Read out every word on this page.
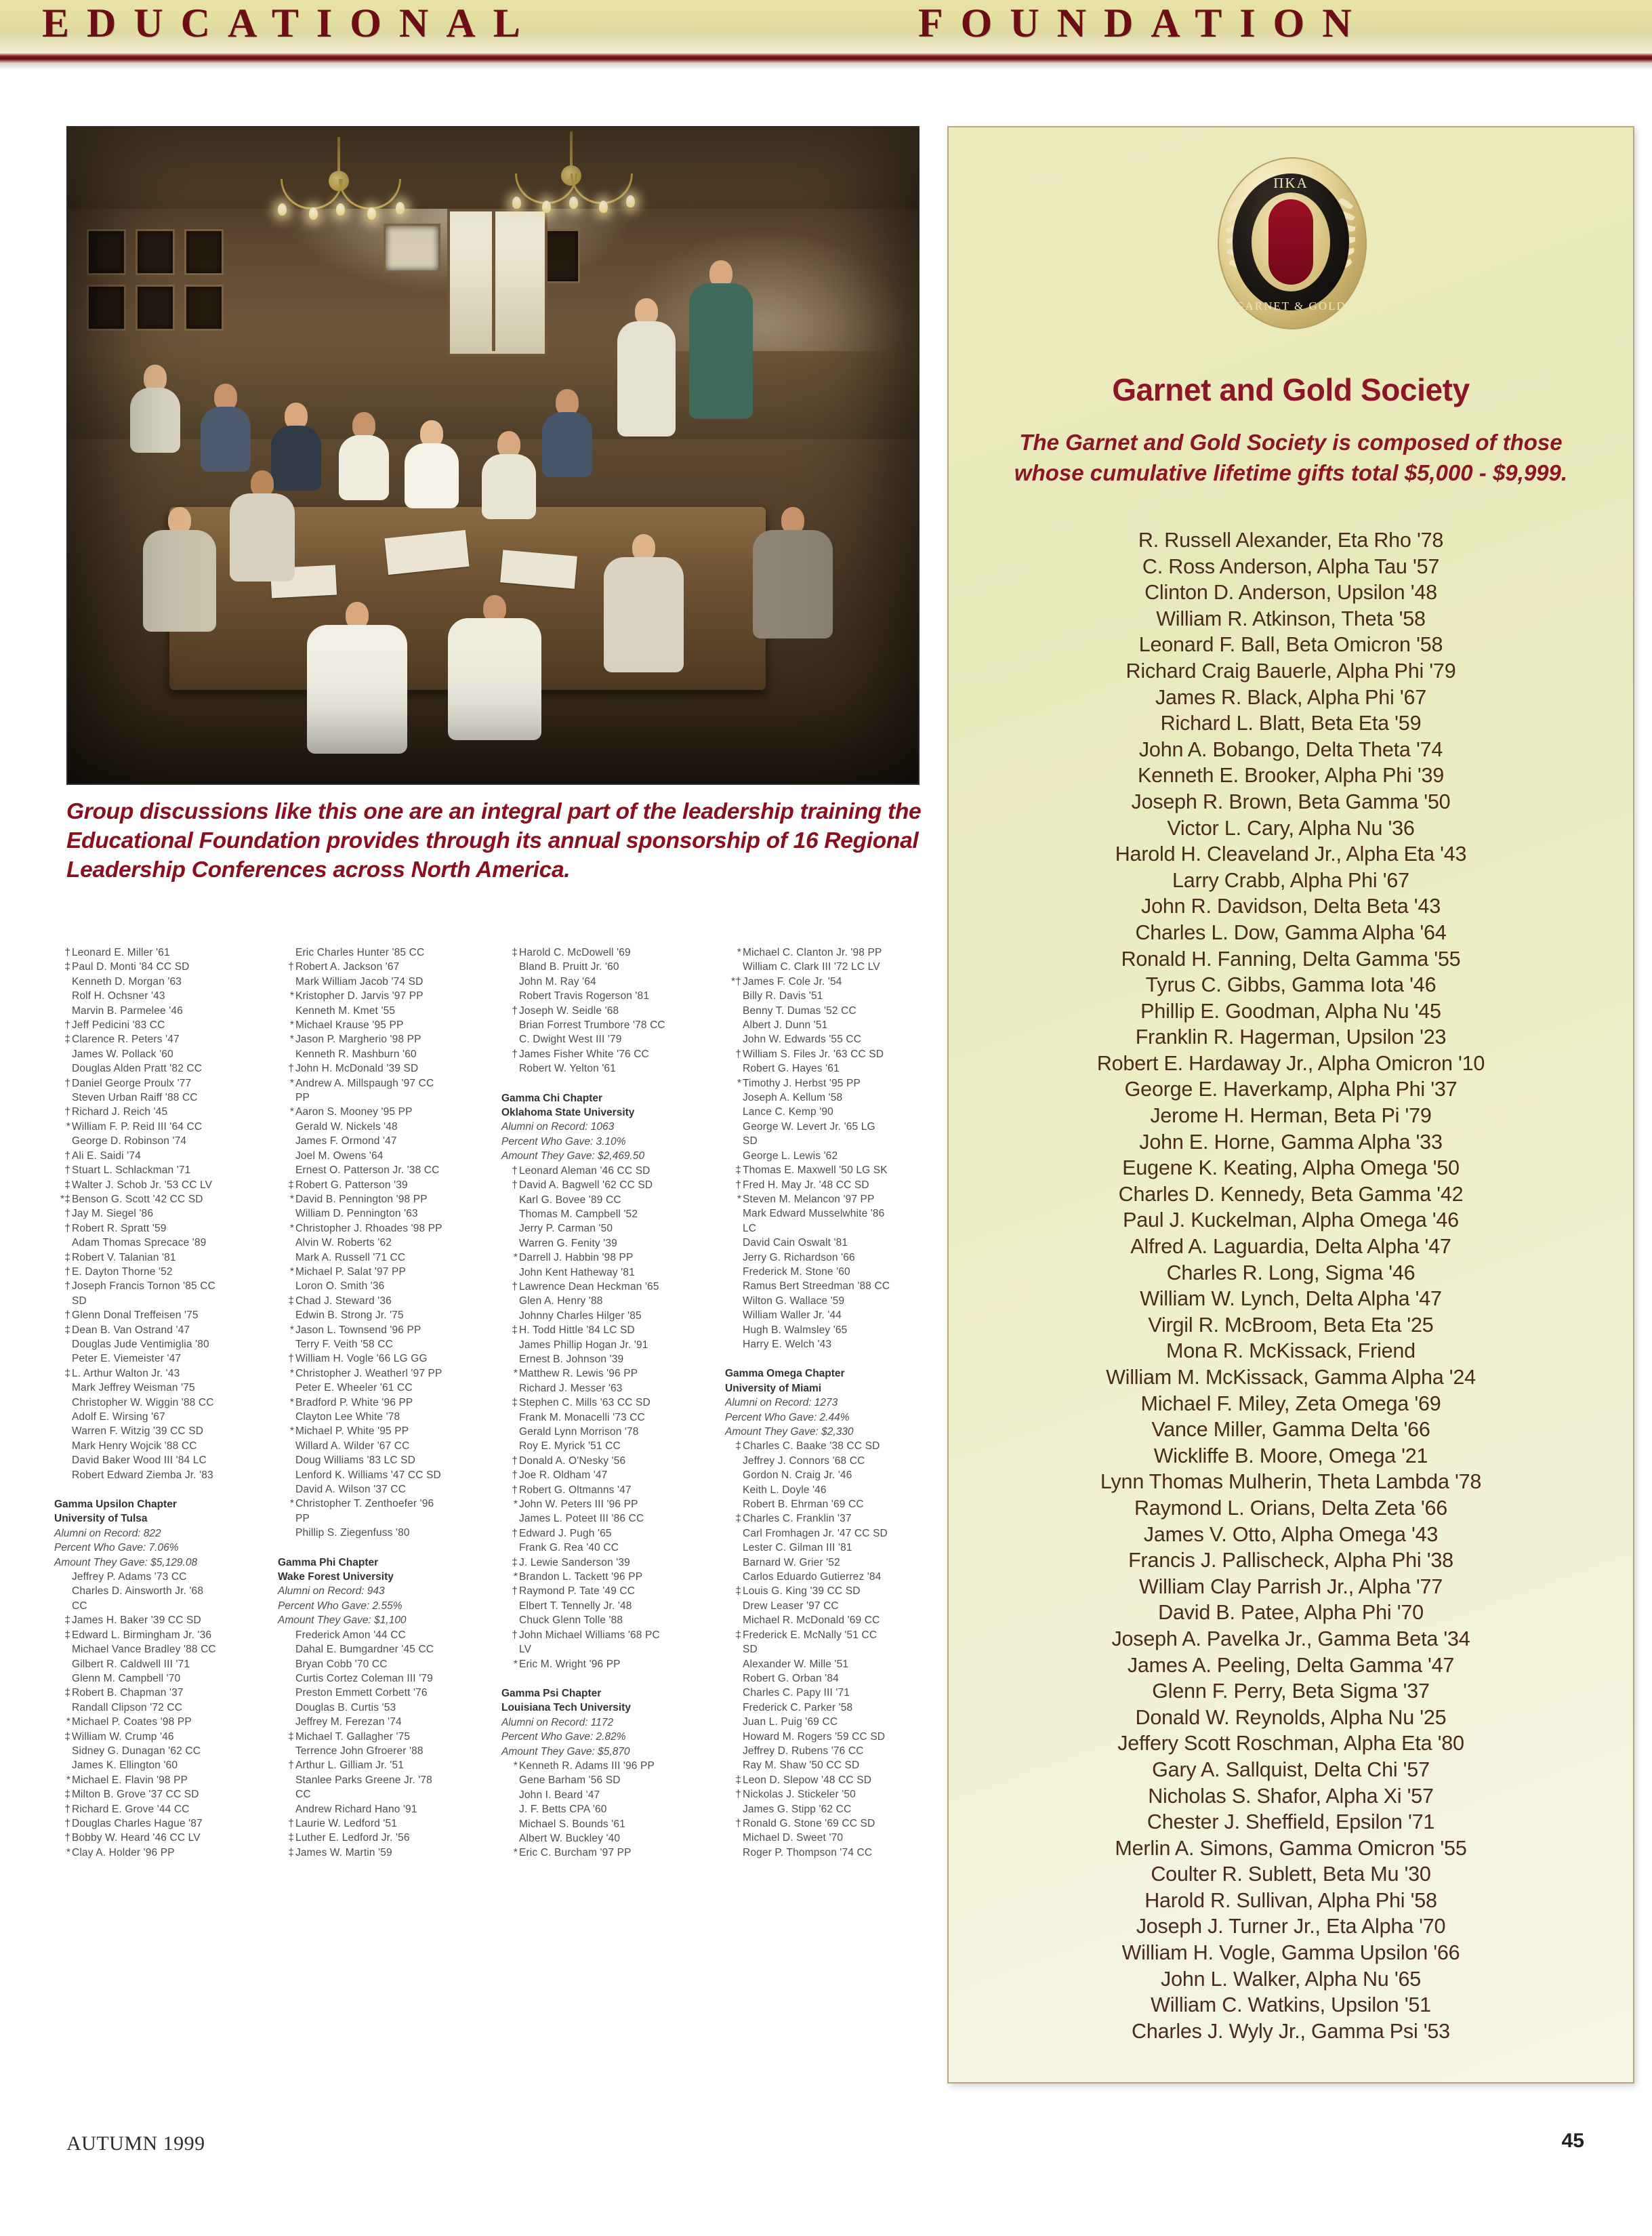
EDUCATIONAL	FOUNDATION
Group discussions like this one are an integral part of the leadership training the Educational Foundation provides through its annual sponsorship of 16 Regional Leadership Conferences across North America.
† Leonard E. Miller '61
‡ Paul D. Monti '84 CC SD
Kenneth D. Morgan '63
Rolf H. Ochsner '43
Marvin B. Parmelee '46
† Jeff Pedicini '83 CC
‡ Clarence R. Peters '47
James W. Pollack '60
Douglas Alden Pratt '82 CC
† Daniel George Proulx '77
Steven Urban Raiff '88 CC
† Richard J. Reich '45
* William F. P. Reid III '64 CC
George D. Robinson '74
† Ali E. Saidi '74
† Stuart L. Schlackman '71
‡ Walter J. Schob Jr. '53 CC LV
*‡ Benson G. Scott '42 CC SD
† Jay M. Siegel '86
† Robert R. Spratt '59
Adam Thomas Sprecace '89
‡ Robert V. Talanian '81
† E. Dayton Thorne '52
† Joseph Francis Tornon '85 CC
SD
† Glenn Donal Treffeisen '75
‡ Dean B. Van Ostrand '47
Douglas Jude Ventimiglia '80
Peter E. Viemeister '47
‡ L. Arthur Walton Jr. '43
Mark Jeffrey Weisman '75
Christopher W. Wiggin '88 CC
Adolf E. Wirsing '67
Warren F. Witzig '39 CC SD
Mark Henry Wojcik '88 CC
David Baker Wood III '84 LC
Robert Edward Ziemba Jr. '83
Gamma Upsilon Chapter
University of Tulsa
Alumni on Record: 822
Percent Who Gave: 7.06%
Amount They Gave: $5,129.08
Jeffrey P. Adams '73 CC
Charles D. Ainsworth Jr. '68
CC
‡ James H. Baker '39 CC SD
‡ Edward L. Birmingham Jr. '36
Michael Vance Bradley '88 CC
Gilbert R. Caldwell III '71
Glenn M. Campbell '70
‡ Robert B. Chapman '37
Randall Clipson '72 CC
* Michael P. Coates '98 PP
‡ William W. Crump '46
Sidney G. Dunagan '62 CC
James K. Ellington '60
* Michael E. Flavin '98 PP
‡ Milton B. Grove '37 CC SD
† Richard E. Grove '44 CC
† Douglas Charles Hague '87
† Bobby W. Heard '46 CC LV
* Clay A. Holder '96 PP
Eric Charles Hunter '85 CC
† Robert A. Jackson '67
Mark William Jacob '74 SD
* Kristopher D. Jarvis '97 PP
Kenneth M. Kmet '55
* Michael Krause '95 PP
* Jason P. Margherio '98 PP
Kenneth R. Mashburn '60
† John H. McDonald '39 SD
* Andrew A. Millspaugh '97 CC
PP
* Aaron S. Mooney '95 PP
Gerald W. Nickels '48
James F. Ormond '47
Joel M. Owens '64
Ernest O. Patterson Jr. '38 CC
‡ Robert G. Patterson '39
* David B. Pennington '98 PP
William D. Pennington '63
* Christopher J. Rhoades '98 PP
Alvin W. Roberts '62
Mark A. Russell '71 CC
* Michael P. Salat '97 PP
Loron O. Smith '36
‡ Chad J. Steward '36
Edwin B. Strong Jr. '75
* Jason L. Townsend '96 PP
Terry F. Veith '58 CC
† William H. Vogle '66 LG GG
* Christopher J. Weatherl '97 PP
Peter E. Wheeler '61 CC
* Bradford P. White '96 PP
Clayton Lee White '78
* Michael P. White '95 PP
Willard A. Wilder '67 CC
Doug Williams '83 LC SD
Lenford K. Williams '47 CC SD
David A. Wilson '37 CC
* Christopher T. Zenthoefer '96
PP
Phillip S. Ziegenfuss '80
Gamma Phi Chapter
Wake Forest University
Alumni on Record: 943
Percent Who Gave: 2.55%
Amount They Gave: $1,100
Frederick Amon '44 CC
Dahal E. Bumgardner '45 CC
Bryan Cobb '70 CC
Curtis Cortez Coleman III '79
Preston Emmett Corbett '76
Douglas B. Curtis '53
Jeffrey M. Ferezan '74
‡ Michael T. Gallagher '75
Terrence John Gfroerer '88
† Arthur L. Gilliam Jr. '51
Stanlee Parks Greene Jr. '78
CC
Andrew Richard Hano '91
† Laurie W. Ledford '51
‡ Luther E. Ledford Jr. '56
‡ James W. Martin '59
‡ Harold C. McDowell '69
Bland B. Pruitt Jr. '60
John M. Ray '64
Robert Travis Rogerson '81
† Joseph W. Seidle '68
Brian Forrest Trumbore '78 CC
C. Dwight West III '79
† James Fisher White '76 CC
Robert W. Yelton '61
Gamma Chi Chapter
Oklahoma State University
Alumni on Record: 1063
Percent Who Gave: 3.10%
Amount They Gave: $2,469.50
† Leonard Aleman '46 CC SD
† David A. Bagwell '62 CC SD
Karl G. Bovee '89 CC
Thomas M. Campbell '52
Jerry P. Carman '50
Warren G. Fenity '39
* Darrell J. Habbin '98 PP
John Kent Hatheway '81
† Lawrence Dean Heckman '65
Glen A. Henry '88
Johnny Charles Hilger '85
‡ H. Todd Hittle '84 LC SD
James Phillip Hogan Jr. '91
Ernest B. Johnson '39
* Matthew R. Lewis '96 PP
Richard J. Messer '63
‡ Stephen C. Mills '63 CC SD
Frank M. Monacelli '73 CC
Gerald Lynn Morrison '78
Roy E. Myrick '51 CC
† Donald A. O'Nesky '56
† Joe R. Oldham '47
† Robert G. Oltmanns '47
* John W. Peters III '96 PP
James L. Poteet III '86 CC
† Edward J. Pugh '65
Frank G. Rea '40 CC
‡ J. Lewie Sanderson '39
* Brandon L. Tackett '96 PP
† Raymond P. Tate '49 CC
Elbert T. Tennelly Jr. '48
Chuck Glenn Tolle '88
† John Michael Williams '68 PC
LV
* Eric M. Wright '96 PP
Gamma Psi Chapter
Louisiana Tech University
Alumni on Record: 1172
Percent Who Gave: 2.82%
Amount They Gave: $5,870
* Kenneth R. Adams III '96 PP
Gene Barham '56 SD
John I. Beard '47
J. F. Betts CPA '60
Michael S. Bounds '61
Albert W. Buckley '40
* Eric C. Burcham '97 PP
* Michael C. Clanton Jr. '98 PP
William C. Clark III '72 LC LV
*† James F. Cole Jr. '54
Billy R. Davis '51
Benny T. Dumas '52 CC
Albert J. Dunn '51
John W. Edwards '55 CC
† William S. Files Jr. '63 CC SD
Robert G. Hayes '61
* Timothy J. Herbst '95 PP
Joseph A. Kellum '58
Lance C. Kemp '90
George W. Levert Jr. '65 LG
SD
George L. Lewis '62
‡ Thomas E. Maxwell '50 LG SK
† Fred H. May Jr. '48 CC SD
* Steven M. Melancon '97 PP
Mark Edward Musselwhite '86
LC
David Cain Oswalt '81
Jerry G. Richardson '66
Frederick M. Stone '60
Ramus Bert Streedman '88 CC
Wilton G. Wallace '59
William Waller Jr. '44
Hugh B. Walmsley '65
Harry E. Welch '43
Gamma Omega Chapter
University of Miami
Alumni on Record: 1273
Percent Who Gave: 2.44%
Amount They Gave: $2,330
‡ Charles C. Baake '38 CC SD
Jeffrey J. Connors '68 CC
Gordon N. Craig Jr. '46
Keith L. Doyle '46
Robert B. Ehrman '69 CC
‡ Charles C. Franklin '37
Carl Fromhagen Jr. '47 CC SD
Lester C. Gilman III '81
Barnard W. Grier '52
Carlos Eduardo Gutierrez '84
‡ Louis G. King '39 CC SD
Drew Leaser '97 CC
Michael R. McDonald '69 CC
‡ Frederick E. McNally '51 CC
SD
Alexander W. Mille '51
Robert G. Orban '84
Charles C. Papy III '71
Frederick C. Parker '58
Juan L. Puig '69 CC
Howard M. Rogers '59 CC SD
Jeffrey D. Rubens '76 CC
Ray M. Shaw '50 CC SD
‡ Leon D. Slepow '48 CC SD
† Nickolas J. Stickeler '50
James G. Stipp '62 CC
† Ronald G. Stone '69 CC SD
Michael D. Sweet '70
Roger P. Thompson '74 CC
ΠΚΑ
GARNET & GOLD
Garnet and Gold Society
The Garnet and Gold Society is composed of those whose cumulative lifetime gifts total $5,000 - $9,999.
R. Russell Alexander, Eta Rho '78
C. Ross Anderson, Alpha Tau '57
Clinton D. Anderson, Upsilon '48
William R. Atkinson, Theta '58
Leonard F. Ball, Beta Omicron '58
Richard Craig Bauerle, Alpha Phi '79
James R. Black, Alpha Phi '67
Richard L. Blatt, Beta Eta '59
John A. Bobango, Delta Theta '74
Kenneth E. Brooker, Alpha Phi '39
Joseph R. Brown, Beta Gamma '50
Victor L. Cary, Alpha Nu '36
Harold H. Cleaveland Jr., Alpha Eta '43
Larry Crabb, Alpha Phi '67
John R. Davidson, Delta Beta '43
Charles L. Dow, Gamma Alpha '64
Ronald H. Fanning, Delta Gamma '55
Tyrus C. Gibbs, Gamma Iota '46
Phillip E. Goodman, Alpha Nu '45
Franklin R. Hagerman, Upsilon '23
Robert E. Hardaway Jr., Alpha Omicron '10
George E. Haverkamp, Alpha Phi '37
Jerome H. Herman, Beta Pi '79
John E. Horne, Gamma Alpha '33
Eugene K. Keating, Alpha Omega '50
Charles D. Kennedy, Beta Gamma '42
Paul J. Kuckelman, Alpha Omega '46
Alfred A. Laguardia, Delta Alpha '47
Charles R. Long, Sigma '46
William W. Lynch, Delta Alpha '47
Virgil R. McBroom, Beta Eta '25
Mona R. McKissack, Friend
William M. McKissack, Gamma Alpha '24
Michael F. Miley, Zeta Omega '69
Vance Miller, Gamma Delta '66
Wickliffe B. Moore, Omega '21
Lynn Thomas Mulherin, Theta Lambda '78
Raymond L. Orians, Delta Zeta '66
James V. Otto, Alpha Omega '43
Francis J. Pallischeck, Alpha Phi '38
William Clay Parrish Jr., Alpha '77
David B. Patee, Alpha Phi '70
Joseph A. Pavelka Jr., Gamma Beta '34
James A. Peeling, Delta Gamma '47
Glenn F. Perry, Beta Sigma '37
Donald W. Reynolds, Alpha Nu '25
Jeffery Scott Roschman, Alpha Eta '80
Gary A. Sallquist, Delta Chi '57
Nicholas S. Shafor, Alpha Xi '57
Chester J. Sheffield, Epsilon '71
Merlin A. Simons, Gamma Omicron '55
Coulter R. Sublett, Beta Mu '30
Harold R. Sullivan, Alpha Phi '58
Joseph J. Turner Jr., Eta Alpha '70
William H. Vogle, Gamma Upsilon '66
John L. Walker, Alpha Nu '65
William C. Watkins, Upsilon '51
Charles J. Wyly Jr., Gamma Psi '53
AUTUMN 1999	45
